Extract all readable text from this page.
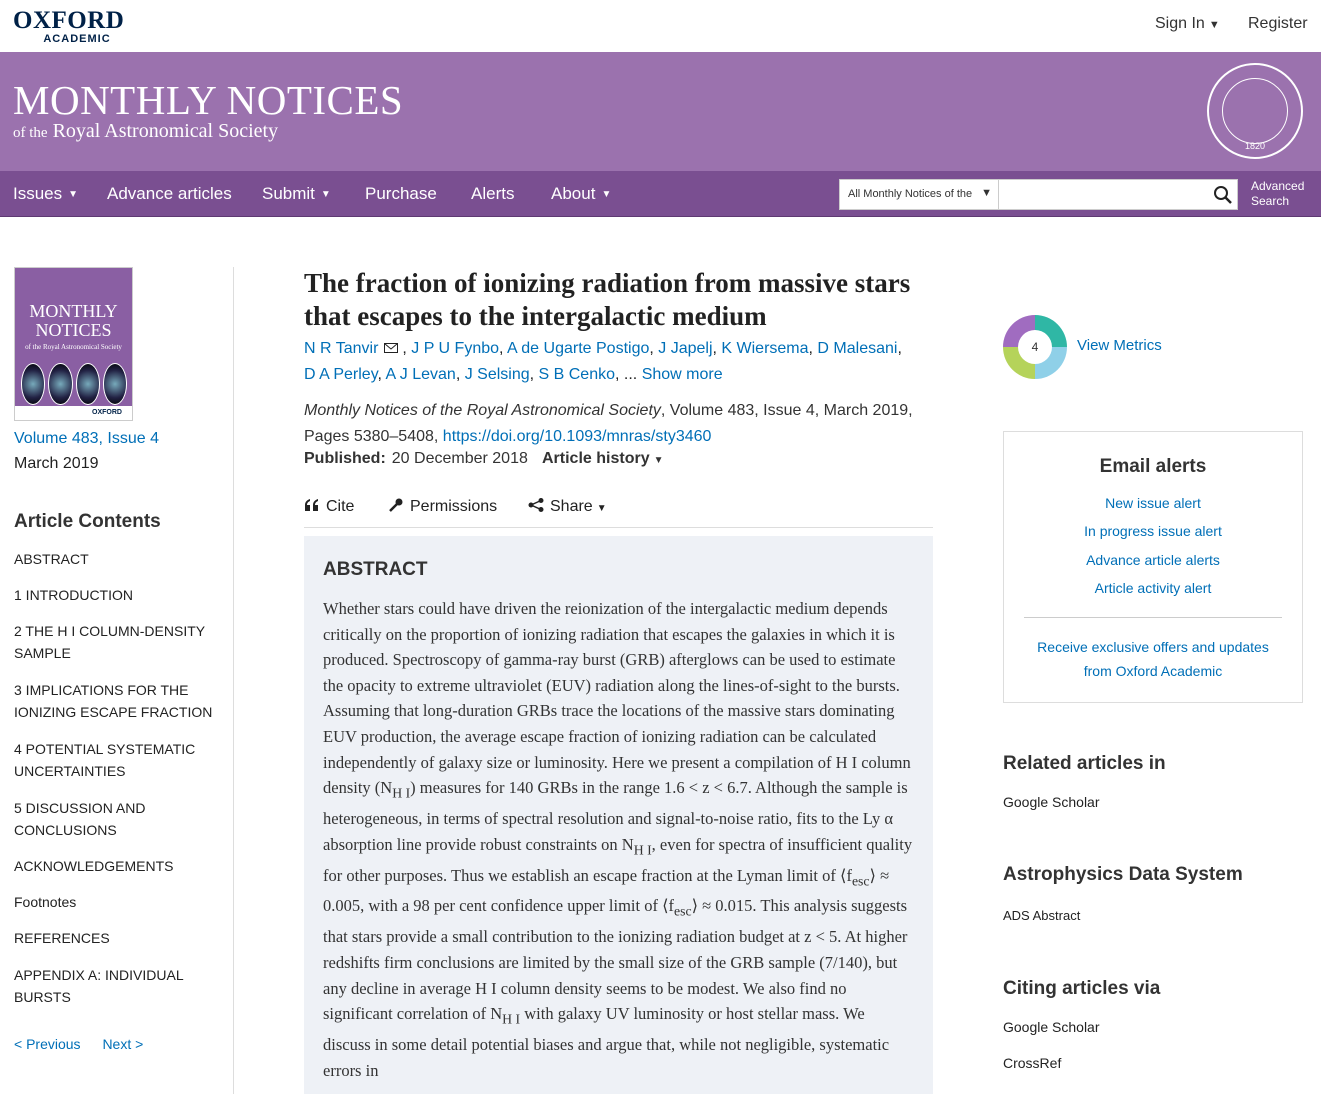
OXFORD
ACADEMIC
Sign In ▼ Register
MONTHLY NOTICES
of the Royal Astronomical Society
1820
Issues ▼ Advance articles Submit ▼ Purchase Alerts About ▼	All Monthly Notices of the ▼	Advanced
Search
MONTHLY
NOTICES
of the Royal Astronomical Society
OXFORD
Volume 483, Issue 4
March 2019
Article Contents
ABSTRACT
1 INTRODUCTION
2 THE H I COLUMN-DENSITY SAMPLE
3 IMPLICATIONS FOR THE IONIZING ESCAPE FRACTION
4 POTENTIAL SYSTEMATIC UNCERTAINTIES
5 DISCUSSION AND CONCLUSIONS
ACKNOWLEDGEMENTS
Footnotes
REFERENCES
APPENDIX A: INDIVIDUAL BURSTS
< Previous Next >
The fraction of ionizing radiation from massive stars that escapes to the intergalactic medium
N R Tanvir , J P U Fynbo, A de Ugarte Postigo, J Japelj, K Wiersema, D Malesani,
D A Perley, A J Levan, J Selsing, S B Cenko, ... Show more
Monthly Notices of the Royal Astronomical Society, Volume 483, Issue 4, March 2019, Pages 5380–5408, https://doi.org/10.1093/mnras/sty3460
Published: 20 December 2018 Article history ▼
Cite	Permissions	Share ▼
ABSTRACT

Whether stars could have driven the reionization of the intergalactic medium depends critically on the proportion of ionizing radiation that escapes the galaxies in which it is produced. Spectroscopy of gamma-ray burst (GRB) afterglows can be used to estimate the opacity to extreme ultraviolet (EUV) radiation along the lines-of-sight to the bursts. Assuming that long-duration GRBs trace the locations of the massive stars dominating EUV production, the average escape fraction of ionizing radiation can be calculated independently of galaxy size or luminosity. Here we present a compilation of H I column density $(N_{H I})$ measures for 140 GRBs in the range 1.6 < z < 6.7. Although the sample is heterogeneous, in terms of spectral resolution and signal-to-noise ratio, fits to the Ly α absorption line provide robust constraints on $N_{H I}$, even for spectra of insufficient quality for other purposes. Thus we establish an escape fraction at the Lyman limit of $⟨f_{esc}⟩ \approx 0.005$, with a 98 per cent confidence upper limit of $⟨f_{esc}⟩ \approx 0.015$. This analysis suggests that stars provide a small contribution to the ionizing radiation budget at z < 5. At higher redshifts firm conclusions are limited by the small size of the GRB sample (7/140), but any decline in average H I column density seems to be modest. We also find no significant correlation of $N_{H I}$ with galaxy UV luminosity or host stellar mass. We discuss in some detail potential biases and argue that, while not negligible, systematic errors in

4	View Metrics
Email alerts
New issue alert
In progress issue alert
Advance article alerts
Article activity alert
Receive exclusive offers and updates from Oxford Academic
Related articles in
Google Scholar
Astrophysics Data System
ADS Abstract
Citing articles via
Google Scholar
CrossRef
